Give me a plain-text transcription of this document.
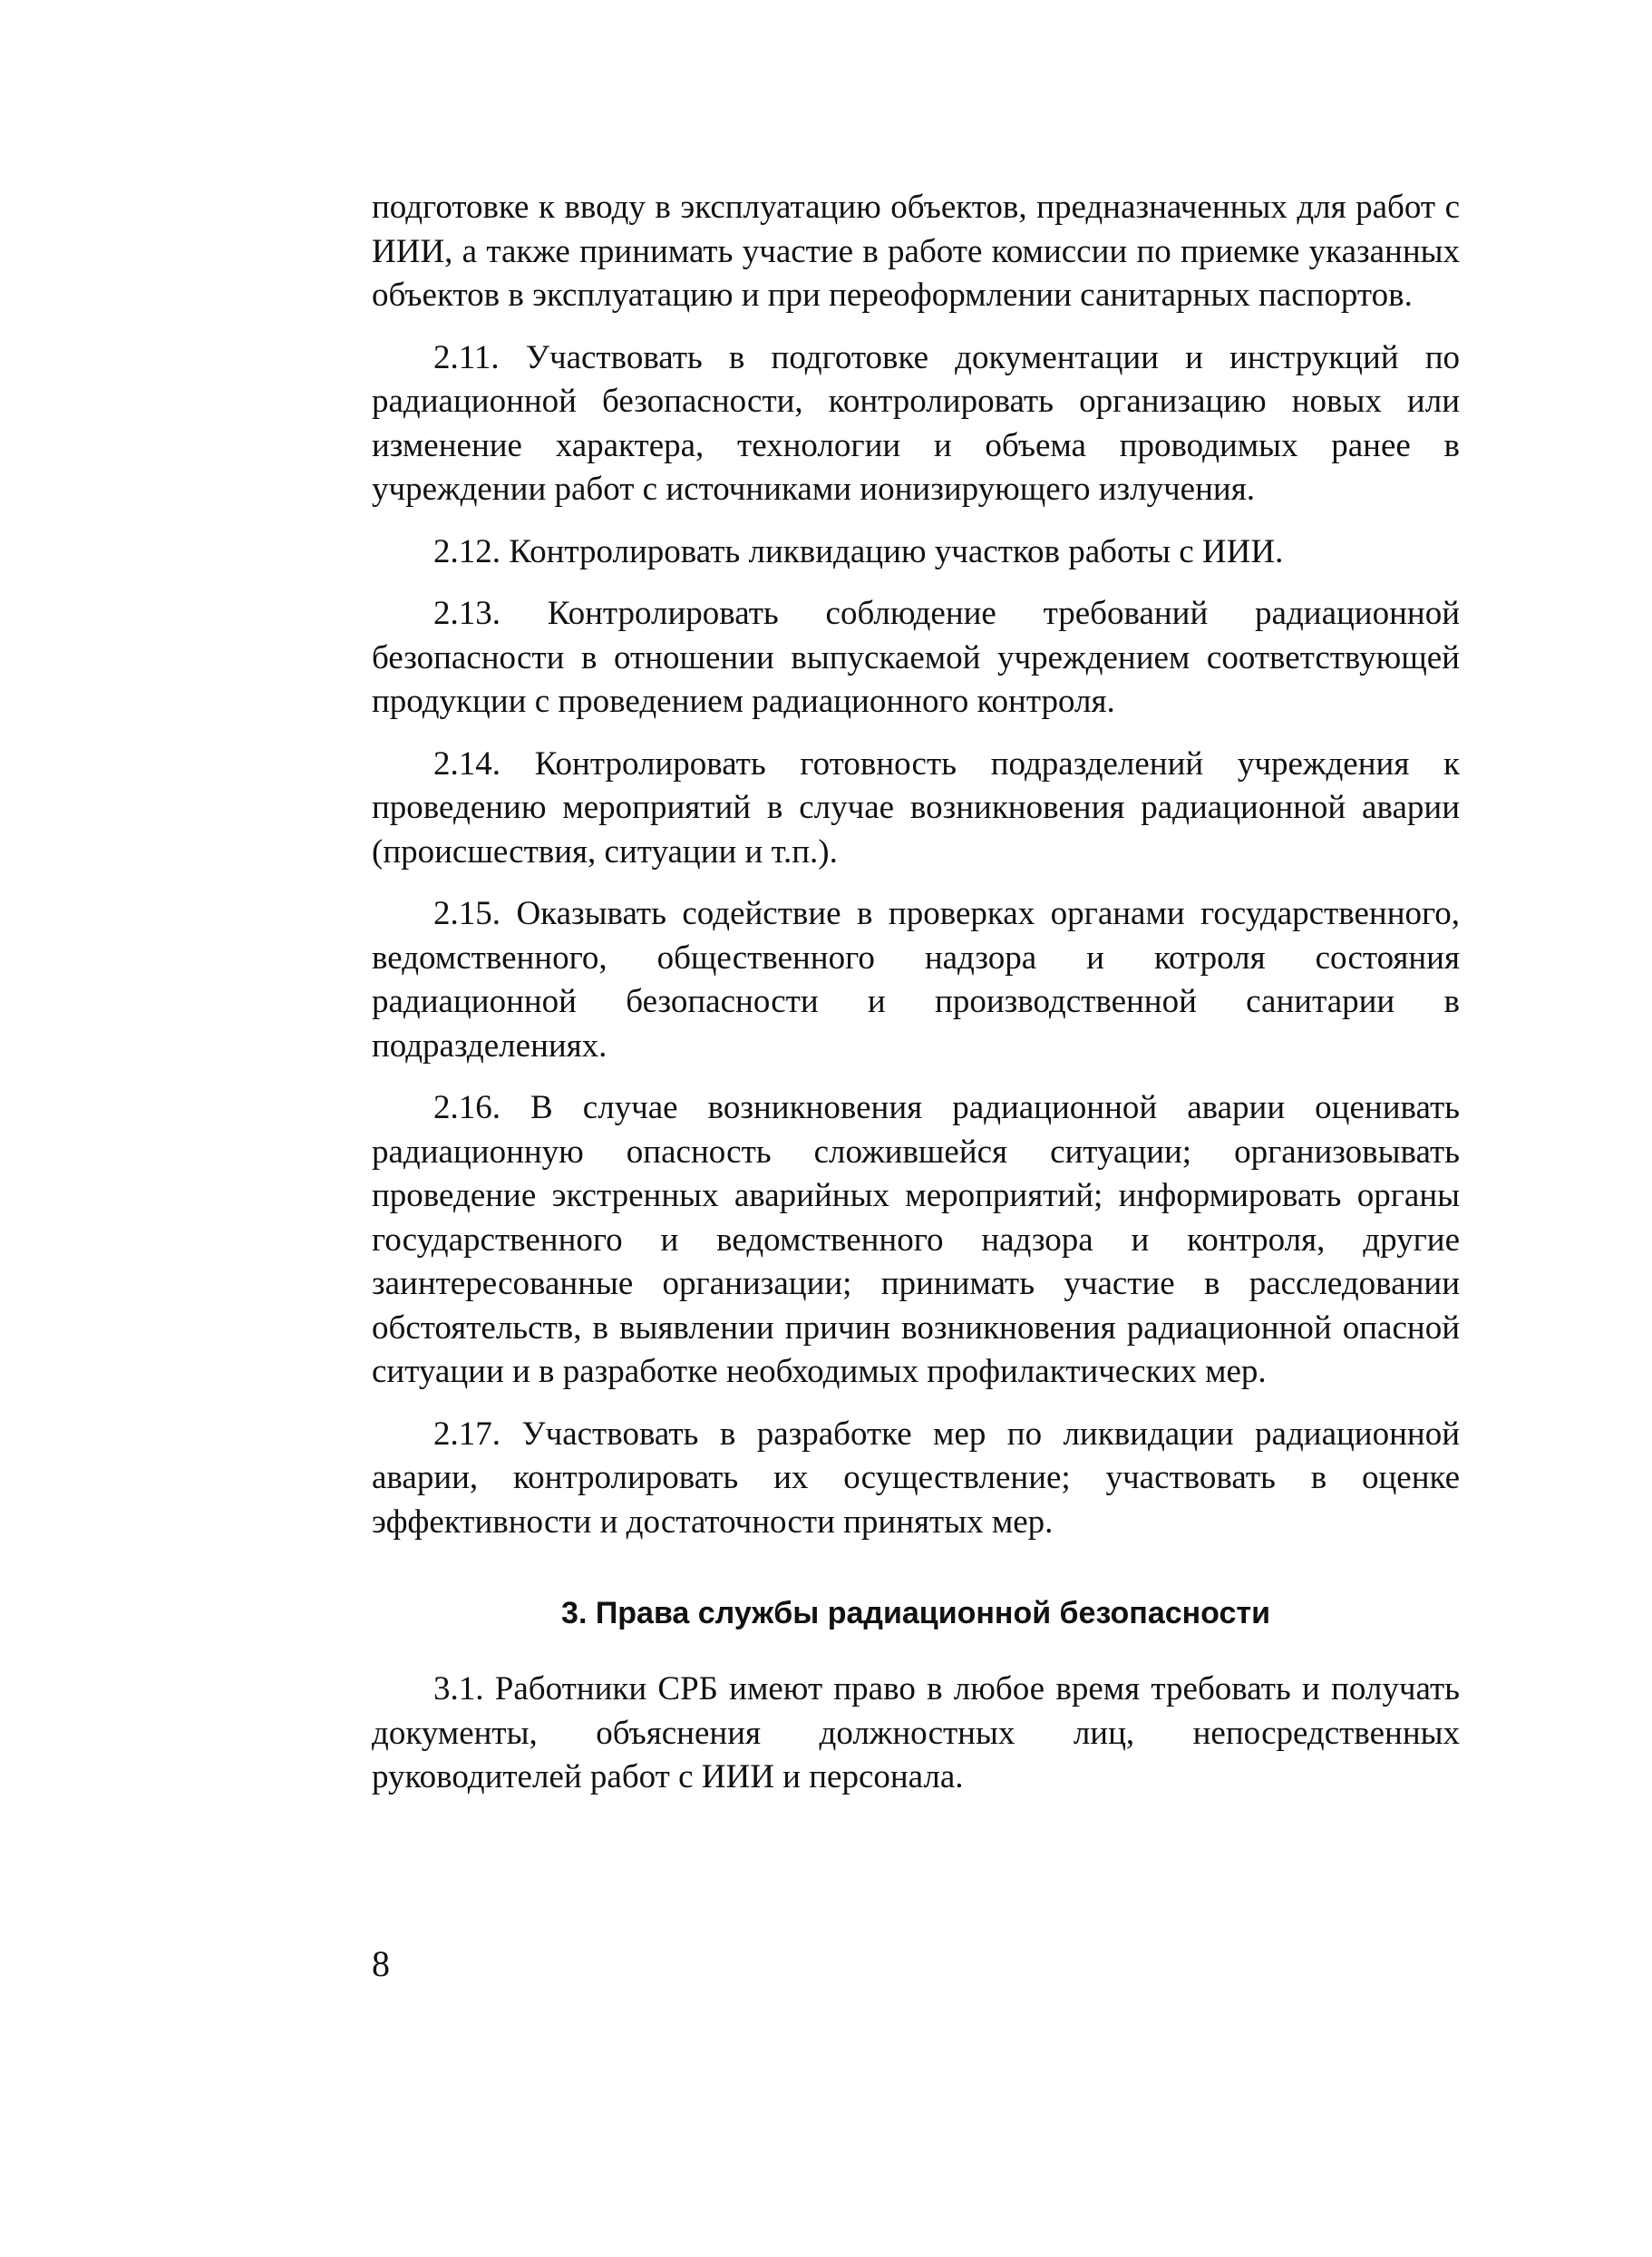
подготовке к вводу в эксплуатацию объектов, предназначенных для работ с ИИИ, а также принимать участие в работе комиссии по приемке указанных объектов в эксплуатацию и при переоформлении санитарных паспортов.

2.11. Участвовать в подготовке документации и инструкций по радиационной безопасности, контролировать организацию новых или изменение характера, технологии и объема проводимых ранее в учреждении работ с источниками ионизирующего излучения.

2.12. Контролировать ликвидацию участков работы с ИИИ.

2.13. Контролировать соблюдение требований радиационной безопасности в отношении выпускаемой учреждением соответствующей продукции с проведением радиационного контроля.

2.14. Контролировать готовность подразделений учреждения к проведению мероприятий в случае возникновения радиационной аварии (происшествия, ситуации и т.п.).

2.15. Оказывать содействие в проверках органами государственного, ведомственного, общественного надзора и котроля состояния радиационной безопасности и производственной санитарии в подразделениях.

2.16. В случае возникновения радиационной аварии оценивать радиационную опасность сложившейся ситуации; организовывать проведение экстренных аварийных мероприятий; информировать органы государственного и ведомственного надзора и контроля, другие заинтересованные организации; принимать участие в расследовании обстоятельств, в выявлении причин возникновения радиационной опасной ситуации и в разработке необходимых профилактических мер.

2.17. Участвовать в разработке мер по ликвидации радиационной аварии, контролировать их осуществление; участвовать в оценке эффективности и достаточности принятых мер.

3. Права службы радиационной безопасности

3.1. Работники СРБ имеют право в любое время требовать и получать документы, объяснения должностных лиц, непосредственных руководителей работ с ИИИ и персонала.

8
